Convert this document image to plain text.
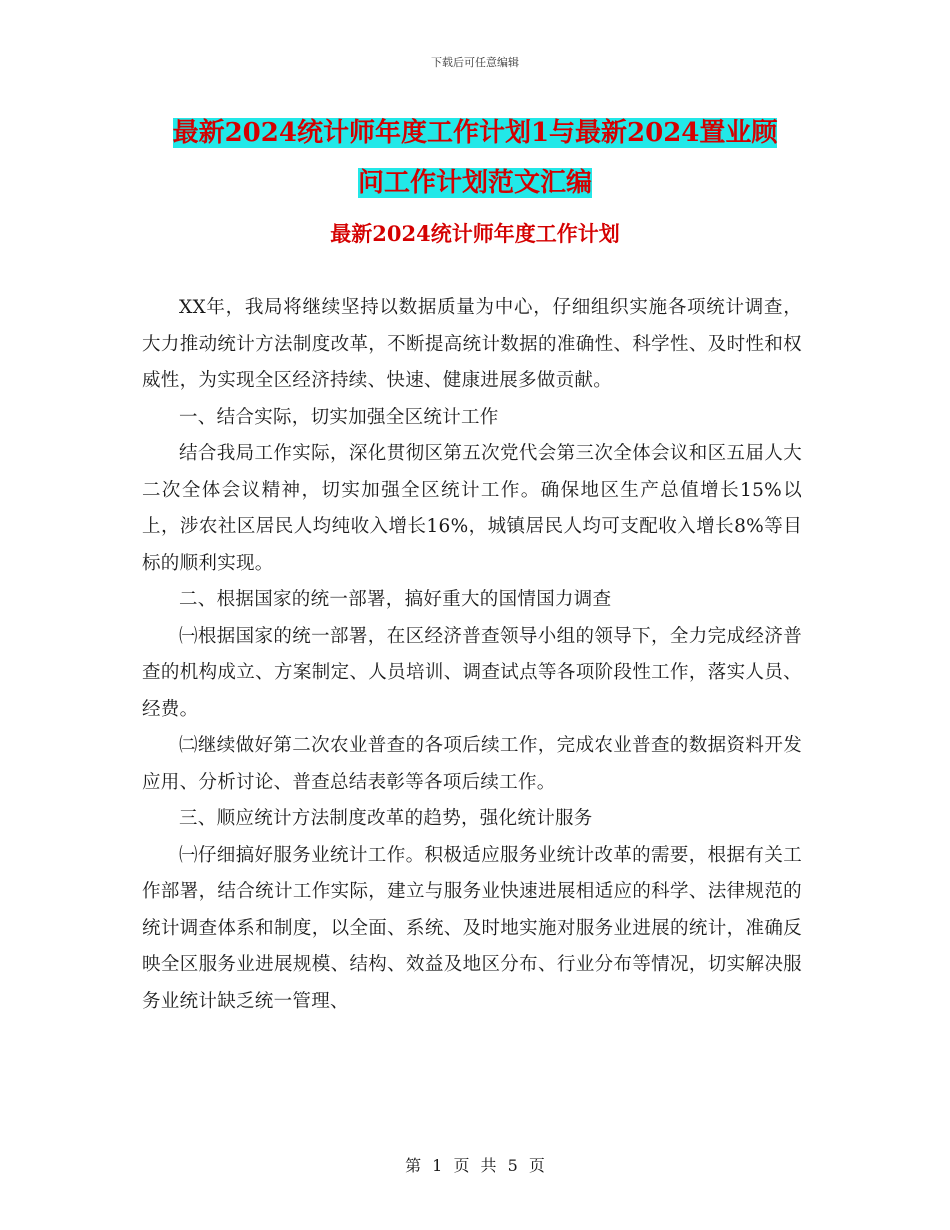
下载后可任意编辑
最新2024统计师年度工作计划1与最新2024置业顾
问工作计划范文汇编
最新2024统计师年度工作计划

XX年，我局将继续坚持以数据质量为中心，仔细组织实施各项统计调查，大力推动统计方法制度改革，不断提高统计数据的准确性、科学性、及时性和权威性，为实现全区经济持续、快速、健康进展多做贡献。

一、结合实际，切实加强全区统计工作

结合我局工作实际，深化贯彻区第五次党代会第三次全体会议和区五届人大二次全体会议精神，切实加强全区统计工作。确保地区生产总值增长15%以上，涉农社区居民人均纯收入增长16%，城镇居民人均可支配收入增长8%等目标的顺利实现。

二、根据国家的统一部署，搞好重大的国情国力调查

㈠根据国家的统一部署，在区经济普查领导小组的领导下，全力完成经济普查的机构成立、方案制定、人员培训、调查试点等各项阶段性工作，落实人员、经费。

㈡继续做好第二次农业普查的各项后续工作，完成农业普查的数据资料开发应用、分析讨论、普查总结表彰等各项后续工作。

三、顺应统计方法制度改革的趋势，强化统计服务

㈠仔细搞好服务业统计工作。积极适应服务业统计改革的需要，根据有关工作部署，结合统计工作实际，建立与服务业快速进展相适应的科学、法律规范的统计调查体系和制度，以全面、系统、及时地实施对服务业进展的统计，准确反映全区服务业进展规模、结构、效益及地区分布、行业分布等情况，切实解决服务业统计缺乏统一管理、

第 1 页 共 5 页
